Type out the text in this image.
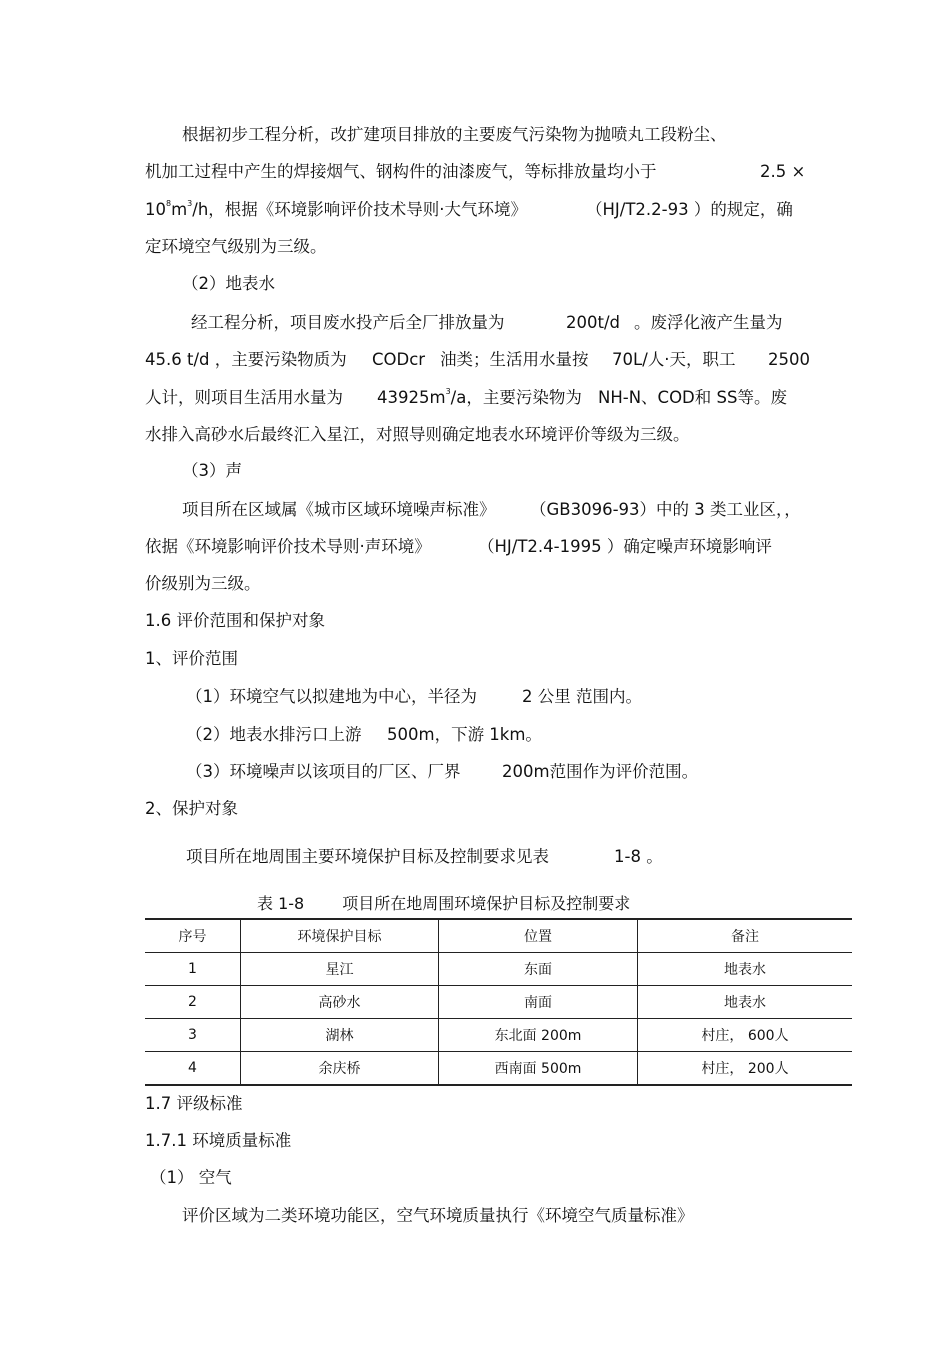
根据初步工程分析，改扩建项目排放的主要废气污染物为抛喷丸工段粉尘、
机加工过程中产生的焊接烟气、钢构件的油漆废气，等标排放量均小于	2.5 ×
$10^8m^3/h$，根据《环境影响评价技术导则·大气环境》	（HJ/T2.2-93 ）的规定，确
定环境空气级别为三级。
（2）地表水
经工程分析，项目废水投产后全厂排放量为	200t/d 。废浮化液产生量为
45.6 t/d ，主要污染物质为 CODcr 油类；生活用水量按 70L/人·天，职工 2500
人计，则项目生活用水量为 $43925m^3/a$，主要污染物为 NH-N、COD和 SS等。废
水排入高砂水后最终汇入星江，对照导则确定地表水环境评价等级为三级。
（3）声
项目所在区域属《城市区域环境噪声标准》 （GB3096-93）中的 3 类工业区，，
依据《环境影响评价技术导则·声环境》	（HJ/T2.4-1995 ）确定噪声环境影响评
价级别为三级。
1.6 评价范围和保护对象
1、评价范围
（1）环境空气以拟建地为中心，半径为	2 公里 范围内。
（2）地表水排污口上游 500m，下游 1km。
（3）环境噪声以该项目的厂区、厂界	200m范围作为评价范围。
2、保护对象
项目所在地周围主要环境保护目标及控制要求见表	1-8 。
表 1-8 项目所在地周围环境保护目标及控制要求
序号	环境保护目标	位置	备注
1	星江	东面	地表水
2	高砂水	南面	地表水
3	湖林	东北面 200m	村庄， 600人
4	余庆桥	西南面 500m	村庄， 200人
1.7 评级标准
1.7.1 环境质量标准
（1） 空气
评价区域为二类环境功能区，空气环境质量执行《环境空气质量标准》
